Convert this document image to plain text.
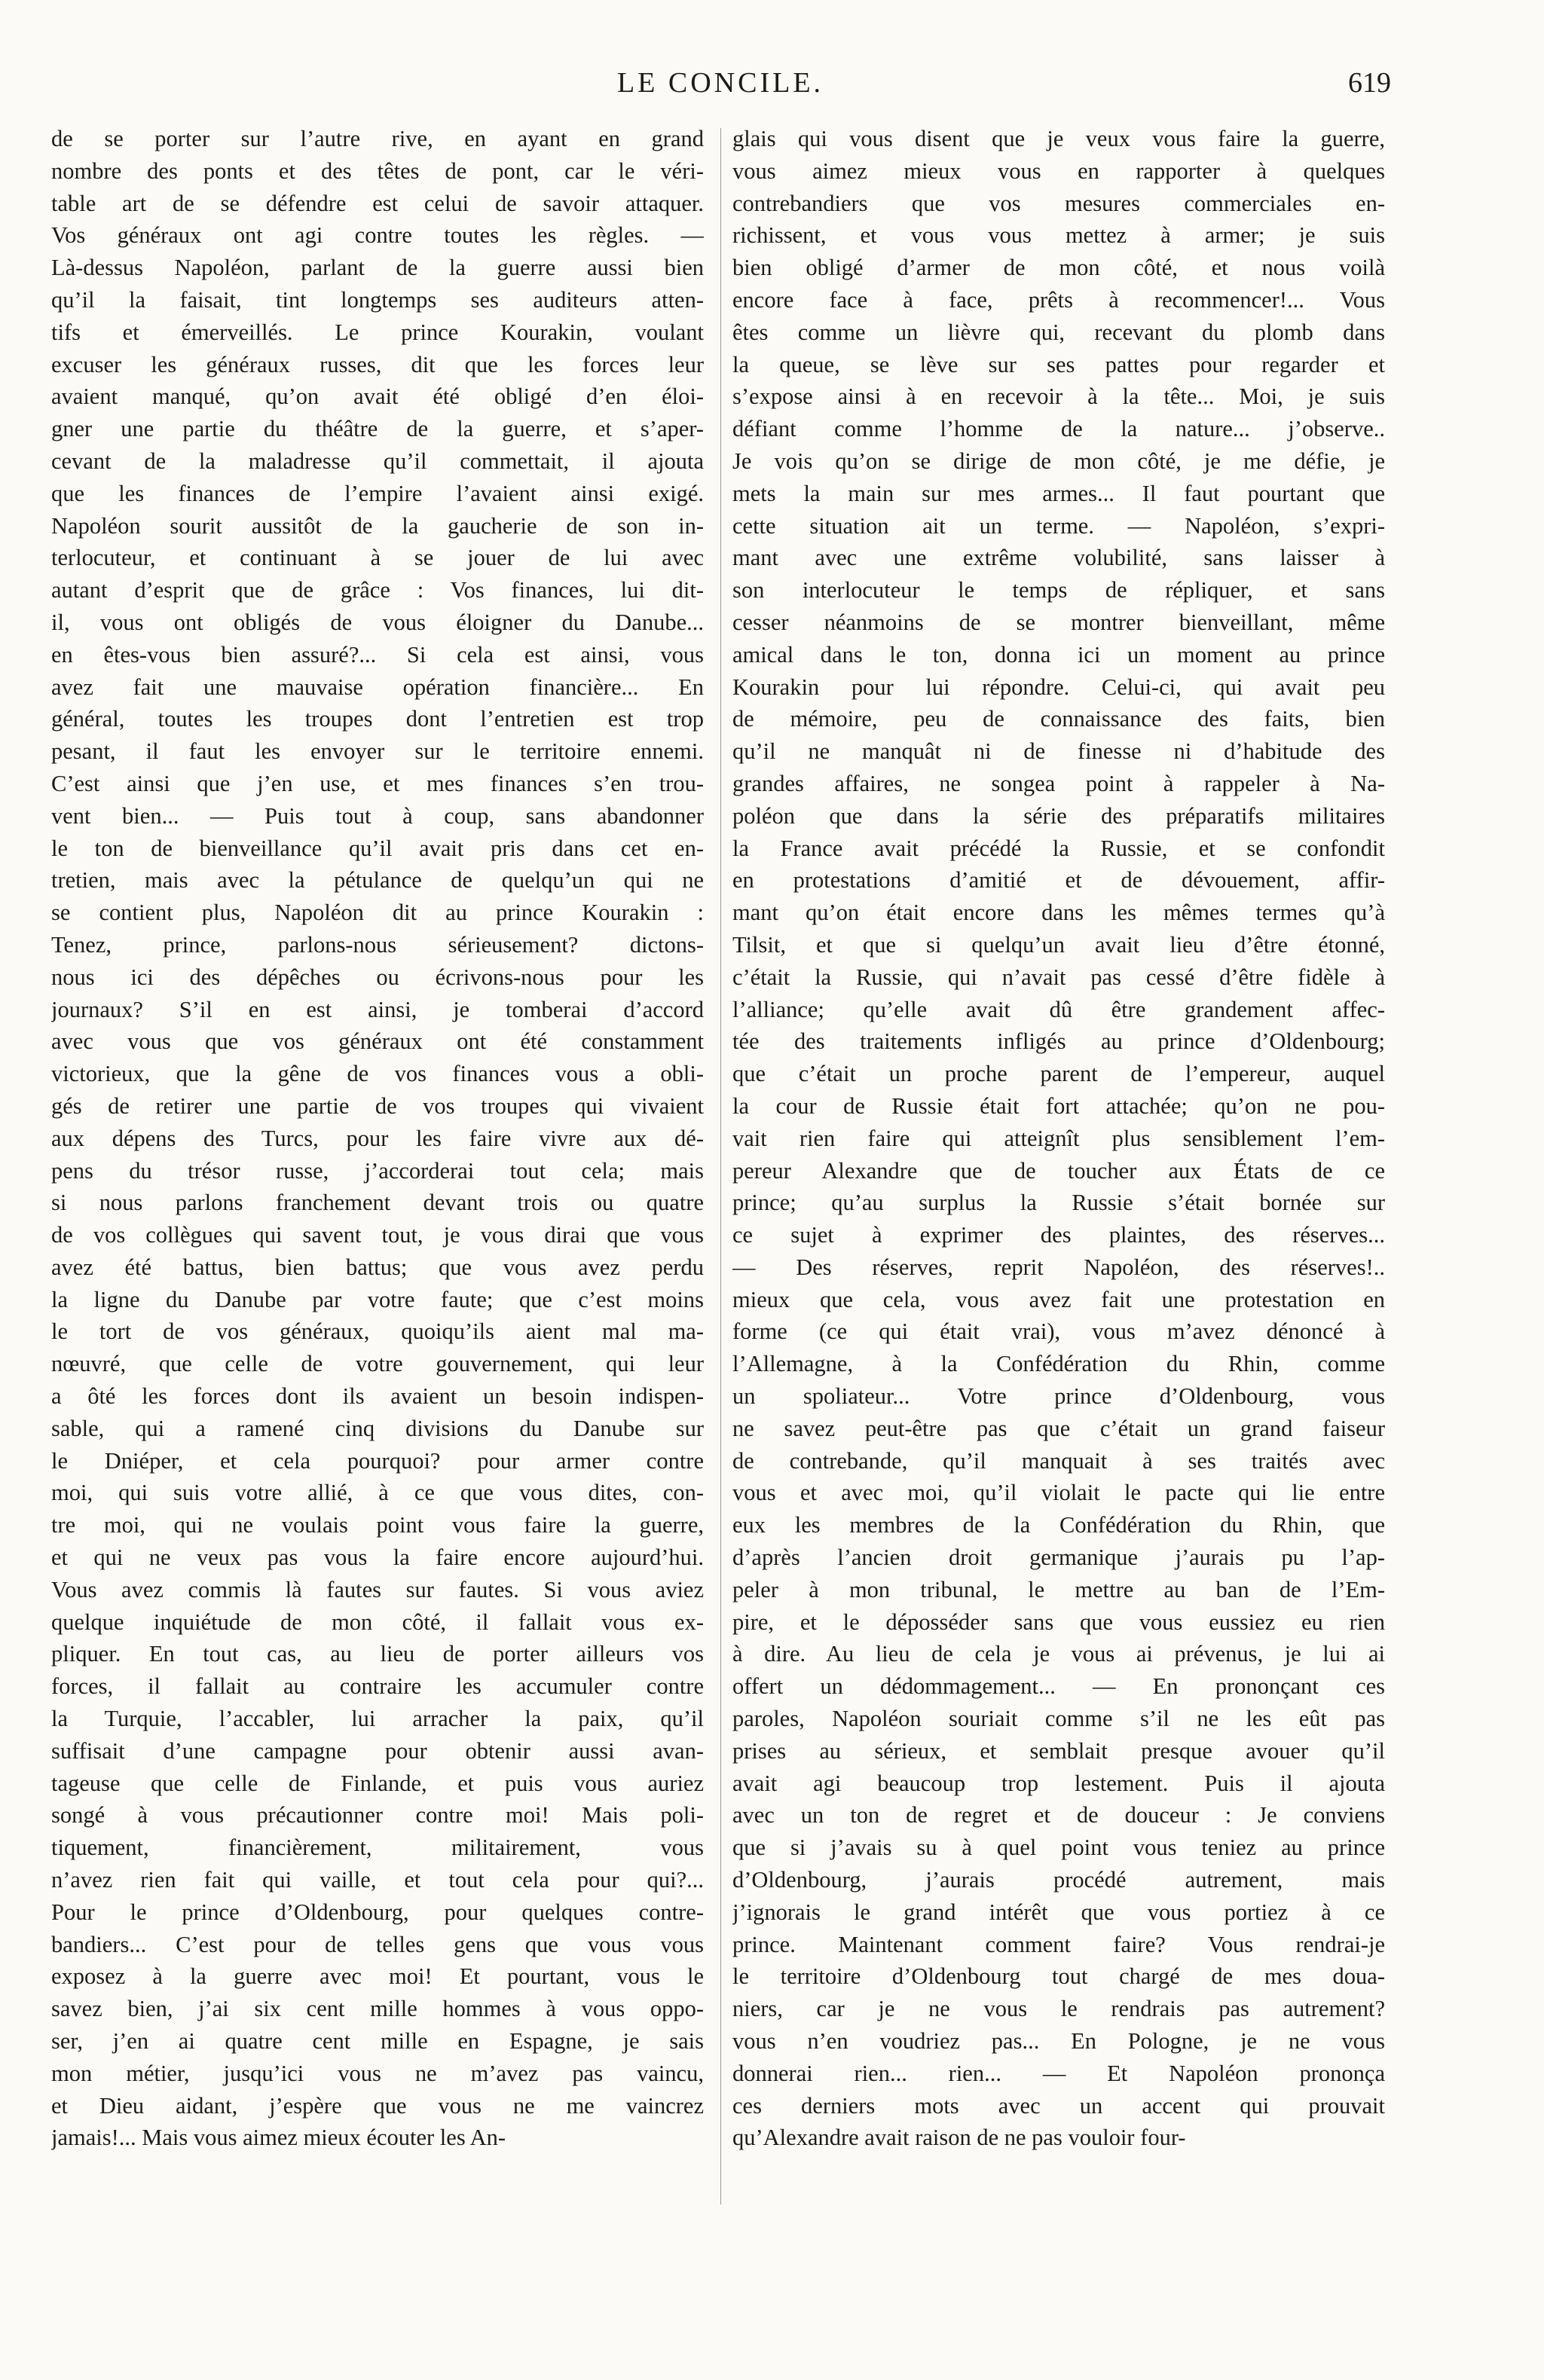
LE CONCILE.	619
de se porter sur l’autre rive, en ayant en grand
nombre des ponts et des têtes de pont, car le véri-
table art de se défendre est celui de savoir attaquer.
Vos généraux ont agi contre toutes les règles. —
Là-dessus Napoléon, parlant de la guerre aussi bien
qu’il la faisait, tint longtemps ses auditeurs atten-
tifs et émerveillés. Le prince Kourakin, voulant
excuser les généraux russes, dit que les forces leur
avaient manqué, qu’on avait été obligé d’en éloi-
gner une partie du théâtre de la guerre, et s’aper-
cevant de la maladresse qu’il commettait, il ajouta
que les finances de l’empire l’avaient ainsi exigé.
Napoléon sourit aussitôt de la gaucherie de son in-
terlocuteur, et continuant à se jouer de lui avec
autant d’esprit que de grâce : Vos finances, lui dit-
il, vous ont obligés de vous éloigner du Danube...
en êtes-vous bien assuré?... Si cela est ainsi, vous
avez fait une mauvaise opération financière... En
général, toutes les troupes dont l’entretien est trop
pesant, il faut les envoyer sur le territoire ennemi.
C’est ainsi que j’en use, et mes finances s’en trou-
vent bien... — Puis tout à coup, sans abandonner
le ton de bienveillance qu’il avait pris dans cet en-
tretien, mais avec la pétulance de quelqu’un qui ne
se contient plus, Napoléon dit au prince Kourakin :
Tenez, prince, parlons-nous sérieusement? dictons-
nous ici des dépêches ou écrivons-nous pour les
journaux? S’il en est ainsi, je tomberai d’accord
avec vous que vos généraux ont été constamment
victorieux, que la gêne de vos finances vous a obli-
gés de retirer une partie de vos troupes qui vivaient
aux dépens des Turcs, pour les faire vivre aux dé-
pens du trésor russe, j’accorderai tout cela; mais
si nous parlons franchement devant trois ou quatre
de vos collègues qui savent tout, je vous dirai que vous
avez été battus, bien battus; que vous avez perdu
la ligne du Danube par votre faute; que c’est moins
le tort de vos généraux, quoiqu’ils aient mal ma-
nœuvré, que celle de votre gouvernement, qui leur
a ôté les forces dont ils avaient un besoin indispen-
sable, qui a ramené cinq divisions du Danube sur
le Dniéper, et cela pourquoi? pour armer contre
moi, qui suis votre allié, à ce que vous dites, con-
tre moi, qui ne voulais point vous faire la guerre,
et qui ne veux pas vous la faire encore aujourd’hui.
Vous avez commis là fautes sur fautes. Si vous aviez
quelque inquiétude de mon côté, il fallait vous ex-
pliquer. En tout cas, au lieu de porter ailleurs vos
forces, il fallait au contraire les accumuler contre
la Turquie, l’accabler, lui arracher la paix, qu’il
suffisait d’une campagne pour obtenir aussi avan-
tageuse que celle de Finlande, et puis vous auriez
songé à vous précautionner contre moi! Mais poli-
tiquement, financièrement, militairement, vous
n’avez rien fait qui vaille, et tout cela pour qui?...
Pour le prince d’Oldenbourg, pour quelques contre-
bandiers... C’est pour de telles gens que vous vous
exposez à la guerre avec moi! Et pourtant, vous le
savez bien, j’ai six cent mille hommes à vous oppo-
ser, j’en ai quatre cent mille en Espagne, je sais
mon métier, jusqu’ici vous ne m’avez pas vaincu,
et Dieu aidant, j’espère que vous ne me vaincrez
jamais!... Mais vous aimez mieux écouter les An-
glais qui vous disent que je veux vous faire la guerre,
vous aimez mieux vous en rapporter à quelques
contrebandiers que vos mesures commerciales en-
richissent, et vous vous mettez à armer; je suis
bien obligé d’armer de mon côté, et nous voilà
encore face à face, prêts à recommencer!... Vous
êtes comme un lièvre qui, recevant du plomb dans
la queue, se lève sur ses pattes pour regarder et
s’expose ainsi à en recevoir à la tête... Moi, je suis
défiant comme l’homme de la nature... j’observe..
Je vois qu’on se dirige de mon côté, je me défie, je
mets la main sur mes armes... Il faut pourtant que
cette situation ait un terme. — Napoléon, s’expri-
mant avec une extrême volubilité, sans laisser à
son interlocuteur le temps de répliquer, et sans
cesser néanmoins de se montrer bienveillant, même
amical dans le ton, donna ici un moment au prince
Kourakin pour lui répondre. Celui-ci, qui avait peu
de mémoire, peu de connaissance des faits, bien
qu’il ne manquât ni de finesse ni d’habitude des
grandes affaires, ne songea point à rappeler à Na-
poléon que dans la série des préparatifs militaires
la France avait précédé la Russie, et se confondit
en protestations d’amitié et de dévouement, affir-
mant qu’on était encore dans les mêmes termes qu’à
Tilsit, et que si quelqu’un avait lieu d’être étonné,
c’était la Russie, qui n’avait pas cessé d’être fidèle à
l’alliance; qu’elle avait dû être grandement affec-
tée des traitements infligés au prince d’Oldenbourg;
que c’était un proche parent de l’empereur, auquel
la cour de Russie était fort attachée; qu’on ne pou-
vait rien faire qui atteignît plus sensiblement l’em-
pereur Alexandre que de toucher aux États de ce
prince; qu’au surplus la Russie s’était bornée sur
ce sujet à exprimer des plaintes, des réserves...
— Des réserves, reprit Napoléon, des réserves!..
mieux que cela, vous avez fait une protestation en
forme (ce qui était vrai), vous m’avez dénoncé à
l’Allemagne, à la Confédération du Rhin, comme
un spoliateur... Votre prince d’Oldenbourg, vous
ne savez peut-être pas que c’était un grand faiseur
de contrebande, qu’il manquait à ses traités avec
vous et avec moi, qu’il violait le pacte qui lie entre
eux les membres de la Confédération du Rhin, que
d’après l’ancien droit germanique j’aurais pu l’ap-
peler à mon tribunal, le mettre au ban de l’Em-
pire, et le déposséder sans que vous eussiez eu rien
à dire. Au lieu de cela je vous ai prévenus, je lui ai
offert un dédommagement... — En prononçant ces
paroles, Napoléon souriait comme s’il ne les eût pas
prises au sérieux, et semblait presque avouer qu’il
avait agi beaucoup trop lestement. Puis il ajouta
avec un ton de regret et de douceur : Je conviens
que si j’avais su à quel point vous teniez au prince
d’Oldenbourg, j’aurais procédé autrement, mais
j’ignorais le grand intérêt que vous portiez à ce
prince. Maintenant comment faire? Vous rendrai-je
le territoire d’Oldenbourg tout chargé de mes doua-
niers, car je ne vous le rendrais pas autrement?
vous n’en voudriez pas... En Pologne, je ne vous
donnerai rien... rien... — Et Napoléon prononça
ces derniers mots avec un accent qui prouvait
qu’Alexandre avait raison de ne pas vouloir four-
